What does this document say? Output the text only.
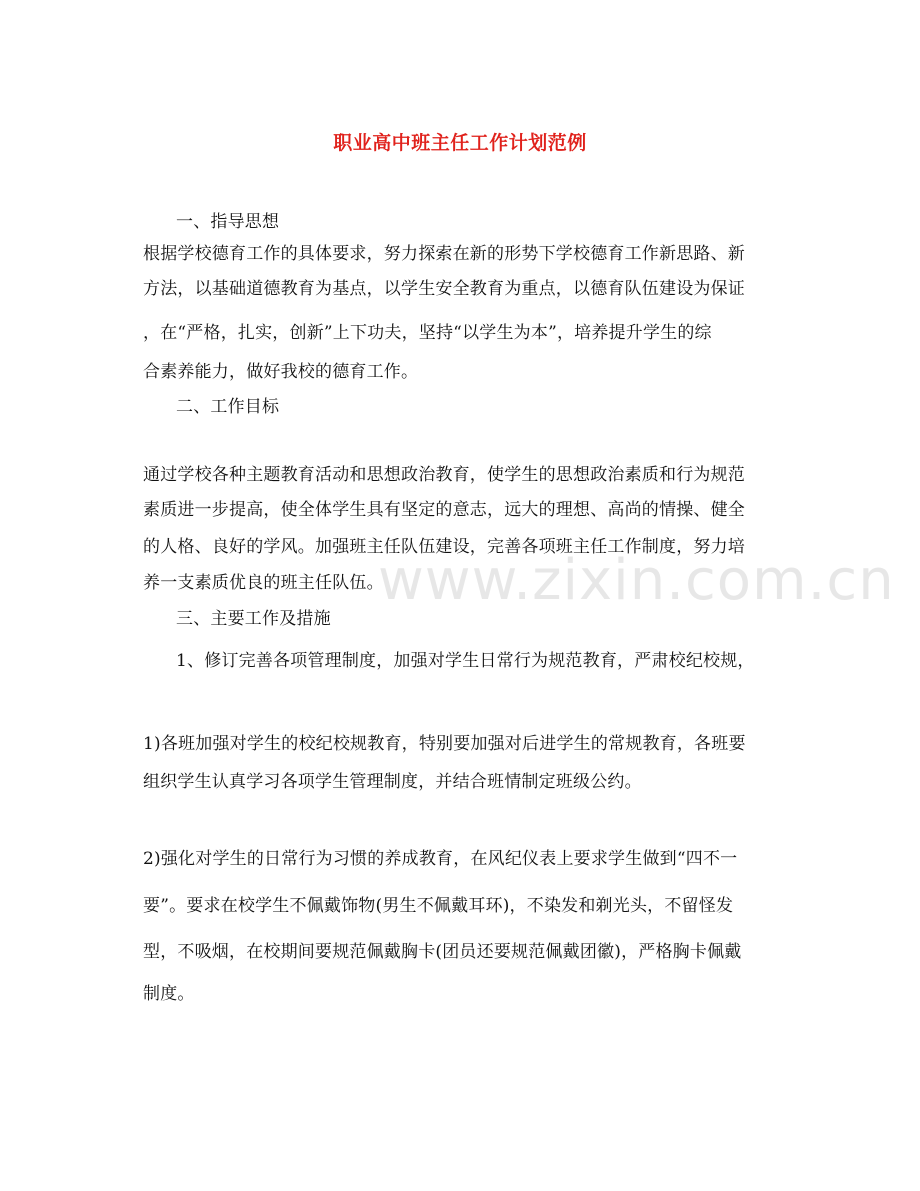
职业高中班主任工作计划范例
一、指导思想
根据学校德育工作的具体要求，努力探索在新的形势下学校德育工作新思路、新
方法，以基础道德教育为基点，以学生安全教育为重点，以德育队伍建设为保证
，在“严格，扎实，创新”上下功夫，坚持“以学生为本”，培养提升学生的综
合素养能力，做好我校的德育工作。
二、工作目标
通过学校各种主题教育活动和思想政治教育，使学生的思想政治素质和行为规范
素质进一步提高，使全体学生具有坚定的意志，远大的理想、高尚的情操、健全
的人格、良好的学风。加强班主任队伍建设，完善各项班主任工作制度，努力培
养一支素质优良的班主任队伍。
三、主要工作及措施
1、修订完善各项管理制度，加强对学生日常行为规范教育，严肃校纪校规，
1)各班加强对学生的校纪校规教育，特别要加强对后进学生的常规教育，各班要
组织学生认真学习各项学生管理制度，并结合班情制定班级公约。
2)强化对学生的日常行为习惯的养成教育，在风纪仪表上要求学生做到“四不一
要”。要求在校学生不佩戴饰物(男生不佩戴耳环)，不染发和剃光头，不留怪发
型，不吸烟，在校期间要规范佩戴胸卡(团员还要规范佩戴团徽)，严格胸卡佩戴
制度。
www.zixin.com.cn
